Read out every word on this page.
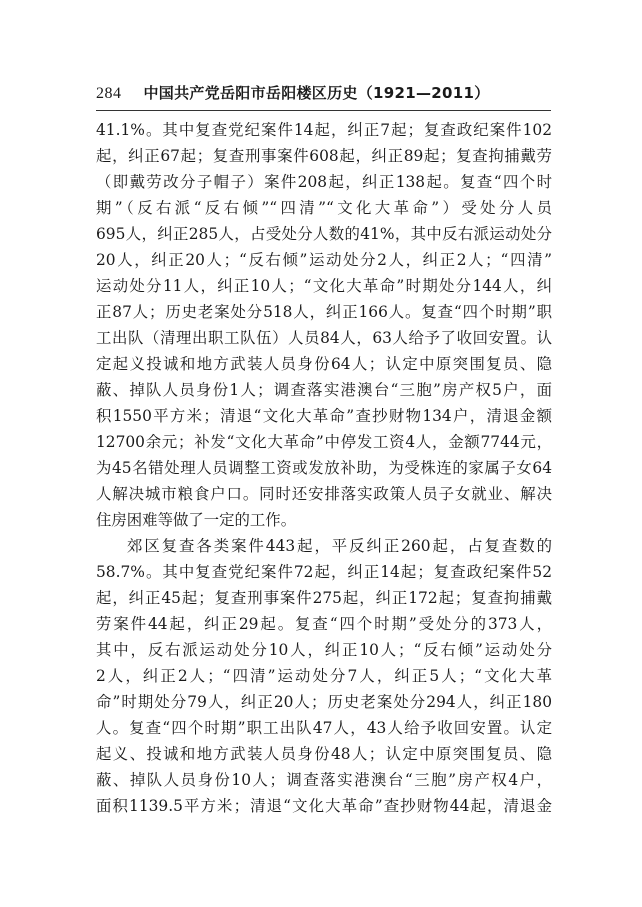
284 中国共产党岳阳市岳阳楼区历史（1921—2011）
41.1%。其中复查党纪案件14起，纠正7起；复查政纪案件102
起，纠正67起；复查刑事案件608起，纠正89起；复查拘捕戴劳
（即戴劳改分子帽子）案件208起，纠正138起。复查“四个时
期”（反右派“反右倾”“四清”“文化大革命”）受处分人员
695人，纠正285人，占受处分人数的41%，其中反右派运动处分
20人，纠正20人；“反右倾”运动处分2人，纠正2人；“四清”
运动处分11人，纠正10人；“文化大革命”时期处分144人，纠
正87人；历史老案处分518人，纠正166人。复查“四个时期”职
工出队（清理出职工队伍）人员84人，63人给予了收回安置。认
定起义投诚和地方武装人员身份64人；认定中原突围复员、隐
蔽、掉队人员身份1人；调查落实港澳台“三胞”房产权5户，面
积1550平方米；清退“文化大革命”查抄财物134户，清退金额
12700余元；补发“文化大革命”中停发工资4人，金额7744元，
为45名错处理人员调整工资或发放补助，为受株连的家属子女64
人解决城市粮食户口。同时还安排落实政策人员子女就业、解决
住房困难等做了一定的工作。
郊区复查各类案件443起，平反纠正260起，占复查数的
58.7%。其中复查党纪案件72起，纠正14起；复查政纪案件52
起，纠正45起；复查刑事案件275起，纠正172起；复查拘捕戴
劳案件44起，纠正29起。复查“四个时期”受处分的373人，
其中，反右派运动处分10人，纠正10人；“反右倾”运动处分
2人，纠正2人；“四清”运动处分7人，纠正5人；“文化大革
命”时期处分79人，纠正20人；历史老案处分294人，纠正180
人。复查“四个时期”职工出队47人，43人给予收回安置。认定
起义、投诚和地方武装人员身份48人；认定中原突围复员、隐
蔽、掉队人员身份10人；调查落实港澳台“三胞”房产权4户，
面积1139.5平方米；清退“文化大革命”查抄财物44起，清退金
